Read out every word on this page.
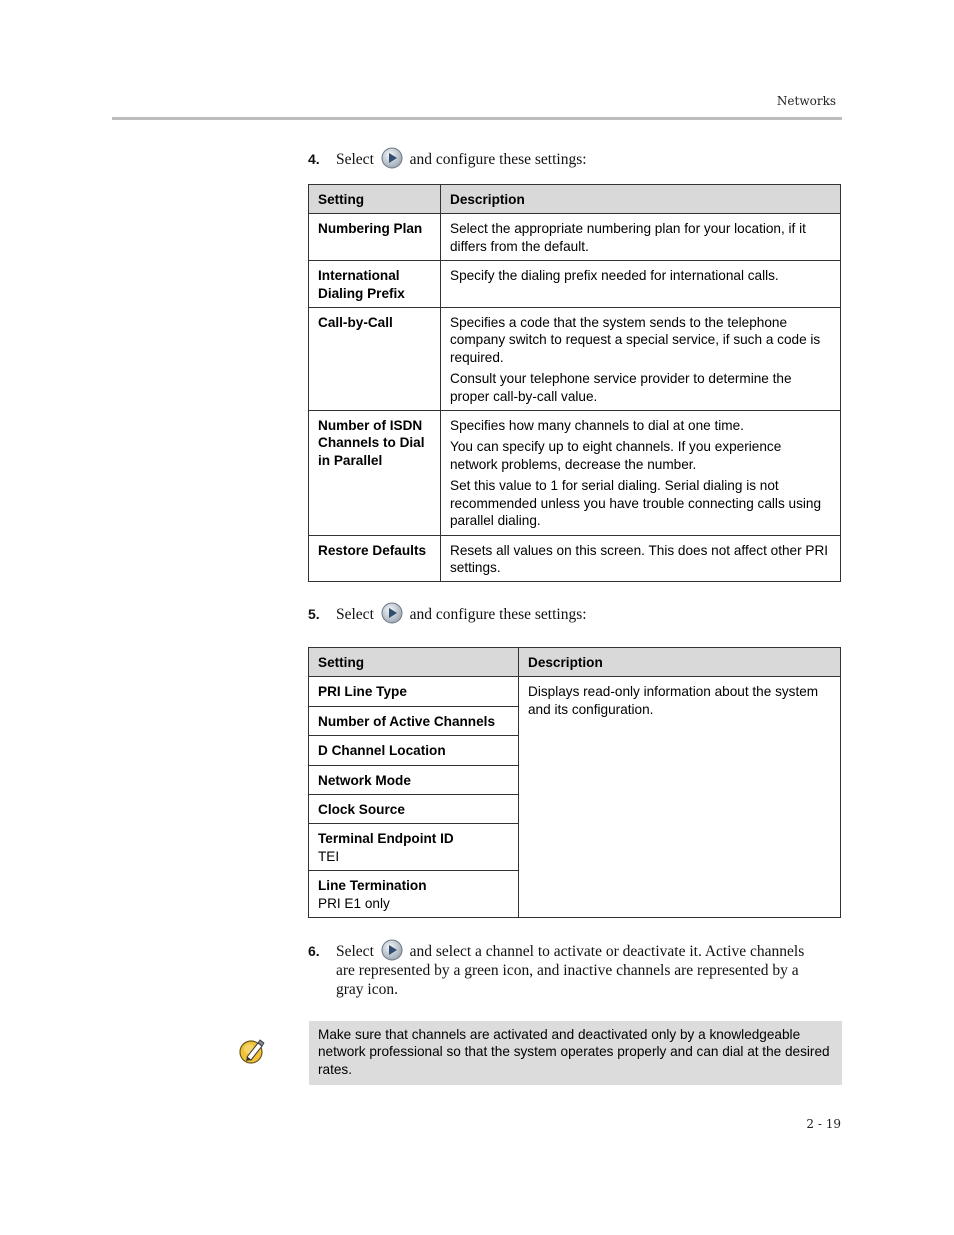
Networks
4. Select and configure these settings:
Setting	Description
Numbering Plan	Select the appropriate numbering plan for your location, if it differs from the default.

International Dialing Prefix	Specify the dialing prefix needed for international calls.

Call-by-Call	Specifies a code that the system sends to the telephone company switch to request a special service, if such a code is required.

Consult your telephone service provider to determine the proper call-by-call value.

Number of ISDN Channels to Dial in Parallel	Specifies how many channels to dial at one time.

You can specify up to eight channels. If you experience network problems, decrease the number.

Set this value to 1 for serial dialing. Serial dialing is not recommended unless you have trouble connecting calls using parallel dialing.

Restore Defaults	Resets all values on this screen. This does not affect other PRI settings.

5. Select and configure these settings:
Setting	Description
PRI Line Type	Displays read-only information about the system and its configuration.
Number of Active Channels	
D Channel Location	
Network Mode	
Clock Source	
Terminal Endpoint ID
TEI	

Line Termination
PRI E1 only	
6. Select and select a channel to activate or deactivate it. Active channels are represented by a green icon, and inactive channels are represented by a gray icon.
Make sure that channels are activated and deactivated only by a knowledgeable network professional so that the system operates properly and can dial at the desired rates.
2 - 19
